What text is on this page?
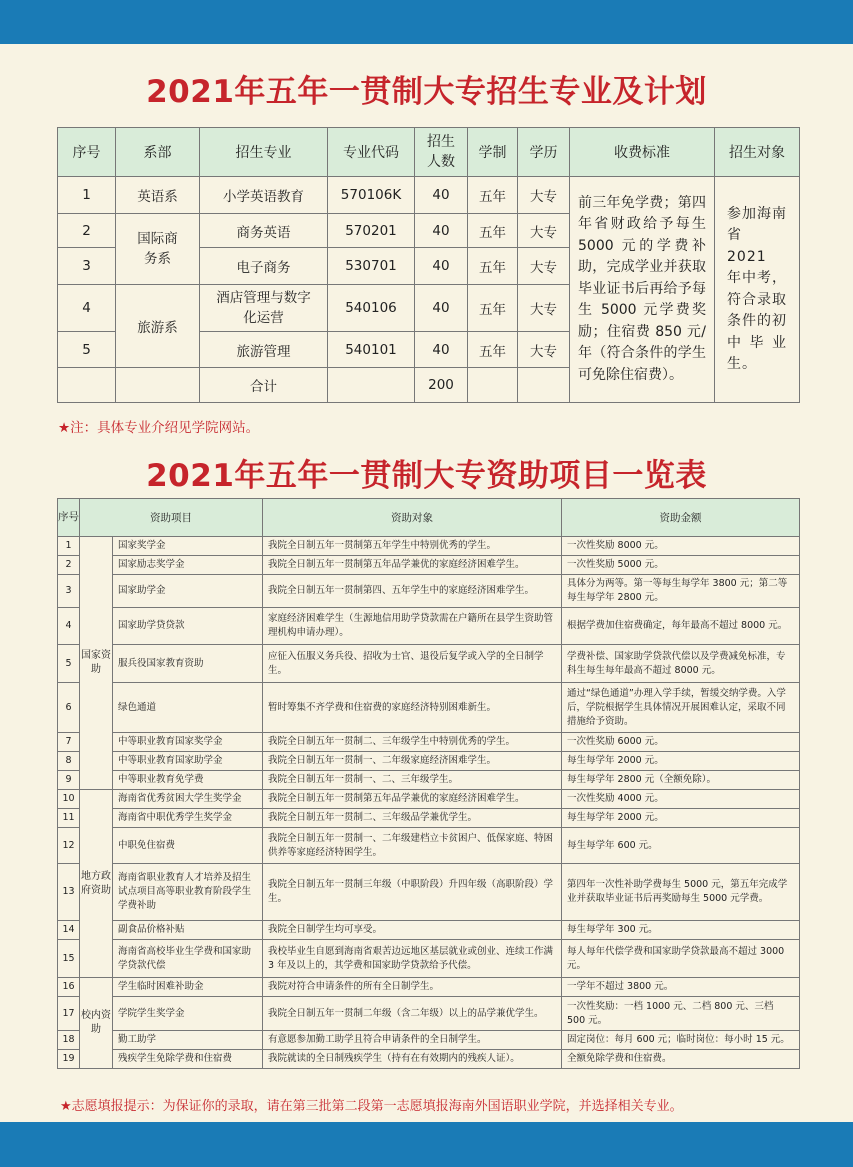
2021年五年一贯制大专招生专业及计划
序号	系部	招生专业	专业代码	招生人数	学制	学历	收费标准	招生对象
1	英语系	小学英语教育	570106K	40	五年	大专	前三年免学费；第四年省财政给予每生 5000 元的学费补助，完成学业并获取毕业证书后再给予每生 5000 元学费奖励；住宿费 850 元/年（符合条件的学生可免除住宿费）。	参加海南省 2021 年中考，符合录取条件的初中毕业生。
2	国际商务系	商务英语	570201	40	五年	大专		
3		电子商务	530701	40	五年	大专		
4	旅游系	酒店管理与数字化运营	540106	40	五年	大专		
5		旅游管理	540101	40	五年	大专		
		合计		200				

★注：具体专业介绍见学院网站。

2021年五年一贯制大专资助项目一览表
序号	资助项目		资助对象	资助金额
1	国家资助	国家奖学金	我院全日制五年一贯制第五年学生中特别优秀的学生。	一次性奖励 8000 元。
2		国家励志奖学金	我院全日制五年一贯制第五年品学兼优的家庭经济困难学生。	一次性奖励 5000 元。
3		国家助学金	我院全日制五年一贯制第四、五年学生中的家庭经济困难学生。	具体分为两等。第一等每生每学年 3800 元；第二等每生每学年 2800 元。
4		国家助学贷贷款	家庭经济困难学生（生源地信用助学贷款需在户籍所在县学生资助管理机构申请办理）。	根据学费加住宿费确定，每年最高不超过 8000 元。
5		服兵役国家教育资助	应征入伍服义务兵役、招收为士官、退役后复学或入学的全日制学生。	学费补偿、国家助学贷款代偿以及学费减免标准，专科生每生每年最高不超过 8000 元。
6		绿色通道	暂时筹集不齐学费和住宿费的家庭经济特别困难新生。	通过“绿色通道”办理入学手续，暂缓交纳学费。入学后，学院根据学生具体情况开展困难认定，采取不同措施给予资助。
7		中等职业教育国家奖学金	我院全日制五年一贯制二、三年级学生中特别优秀的学生。	一次性奖励 6000 元。
8		中等职业教育国家助学金	我院全日制五年一贯制一、二年级家庭经济困难学生。	每生每学年 2000 元。
9		中等职业教育免学费	我院全日制五年一贯制一、二、三年级学生。	每生每学年 2800 元（全额免除）。
10	地方政府资助	海南省优秀贫困大学生奖学金	我院全日制五年一贯制第五年品学兼优的家庭经济困难学生。	一次性奖励 4000 元。
11		海南省中职优秀学生奖学金	我院全日制五年一贯制二、三年级品学兼优学生。	每生每学年 2000 元。
12		中职免住宿费	我院全日制五年一贯制一、二年级建档立卡贫困户、低保家庭、特困供养等家庭经济特困学生。	每生每学年 600 元。
13		海南省职业教育人才培养及招生试点项目高等职业教育阶段学生学费补助	我院全日制五年一贯制三年级（中职阶段）升四年级（高职阶段）学生。	第四年一次性补助学费每生 5000 元，第五年完成学业并获取毕业证书后再奖励每生 5000 元学费。
14		副食品价格补贴	我院全日制学生均可享受。	每生每学年 300 元。
15		海南省高校毕业生学费和国家助学贷款代偿	我校毕业生自愿到海南省艰苦边远地区基层就业或创业、连续工作满 3 年及以上的，其学费和国家助学贷款给予代偿。	每人每年代偿学费和国家助学贷款最高不超过 3000 元。
16	校内资助	学生临时困难补助金	我院对符合申请条件的所有全日制学生。	一学年不超过 3800 元。
17		学院学生奖学金	我院全日制五年一贯制二年级（含二年级）以上的品学兼优学生。	一次性奖励：一档 1000 元、二档 800 元、三档 500 元。
18		勤工助学	有意愿参加勤工助学且符合申请条件的全日制学生。	固定岗位：每月 600 元；临时岗位：每小时 15 元。
19		残疾学生免除学费和住宿费	我院就读的全日制残疾学生（持有在有效期内的残疾人证）。	全额免除学费和住宿费。

★志愿填报提示：为保证你的录取，请在第三批第二段第一志愿填报海南外国语职业学院，并选择相关专业。
